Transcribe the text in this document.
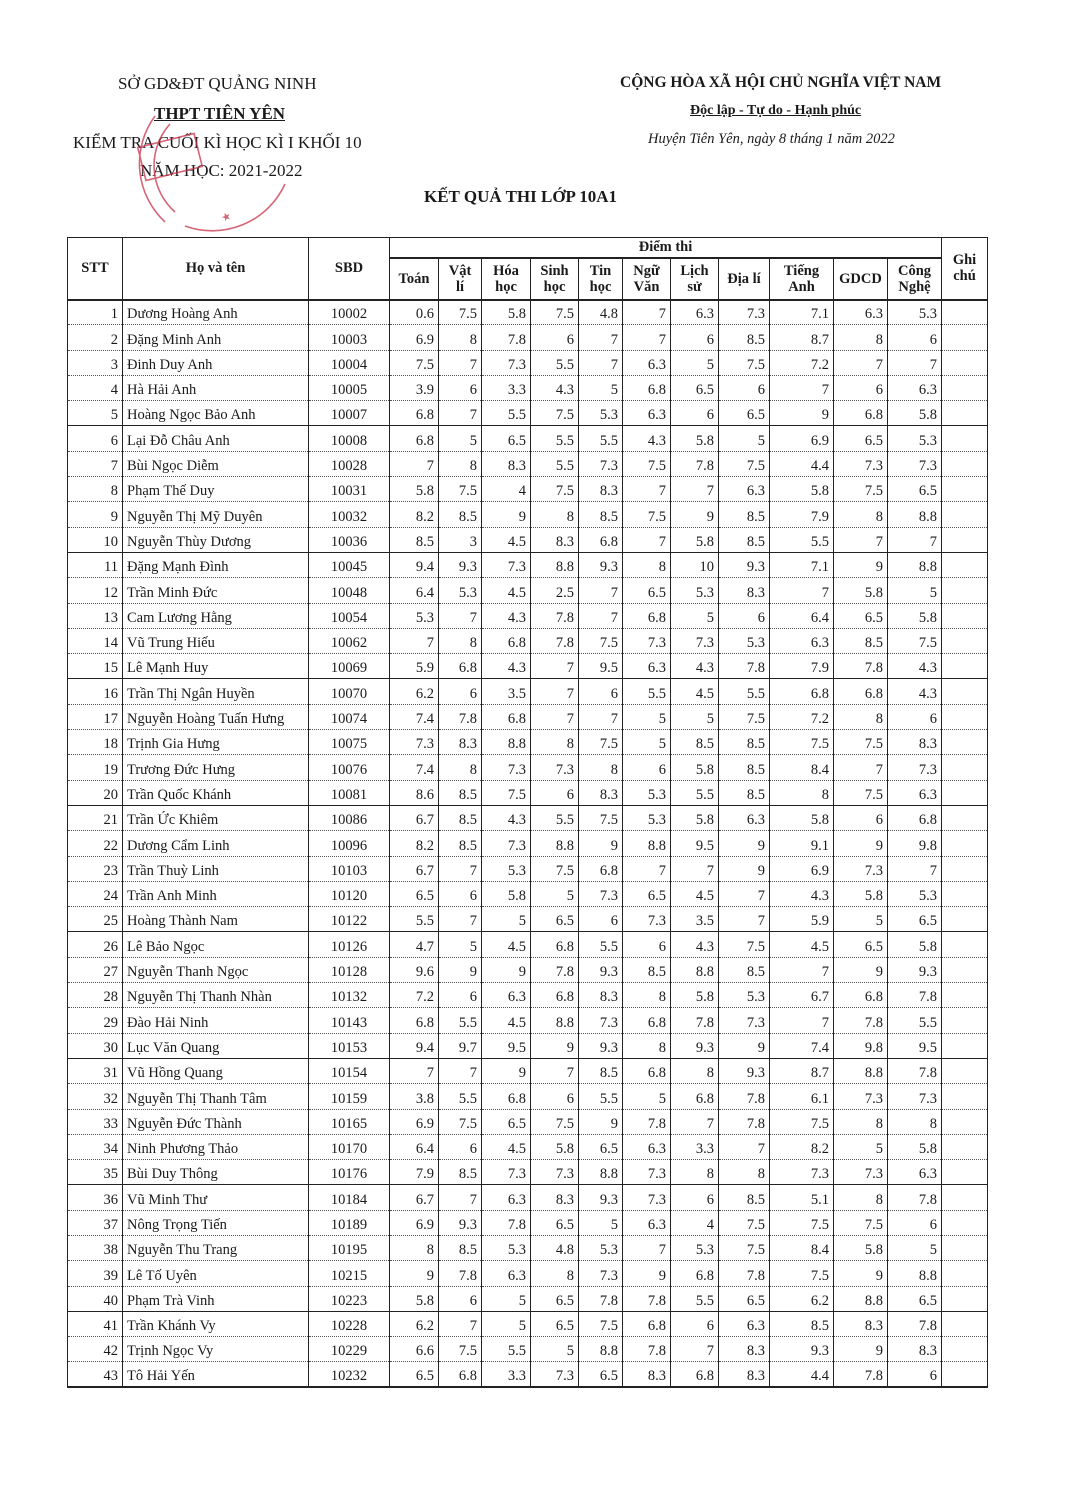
SỞ GD&ĐT QUẢNG NINH
THPT TIÊN YÊN
KIỂM TRA CUỐI KÌ HỌC KÌ I KHỐI 10
NĂM HỌC: 2021-2022
CỘNG HÒA XÃ HỘI CHỦ NGHĨA VIỆT NAM
Độc lập - Tự do - Hạnh phúc
Huyện Tiên Yên, ngày 8 tháng 1 năm 2022
KẾT QUẢ THI LỚP 10A1
★
STT	Họ và tên	SBD	Điểm thi											Ghi chú
			Toán	Vật lí	Hóa học	Sinh học	Tin học	Ngữ Văn	Lịch sử	Địa lí	Tiếng Anh	GDCD	Công Nghệ	
1	Dương Hoàng Anh	10002	0.6	7.5	5.8	7.5	4.8	7	6.3	7.3	7.1	6.3	5.3	
2	Đặng Minh Anh	10003	6.9	8	7.8	6	7	7	6	8.5	8.7	8	6	
3	Đinh Duy Anh	10004	7.5	7	7.3	5.5	7	6.3	5	7.5	7.2	7	7	
4	Hà Hải Anh	10005	3.9	6	3.3	4.3	5	6.8	6.5	6	7	6	6.3	
5	Hoàng Ngọc Bảo Anh	10007	6.8	7	5.5	7.5	5.3	6.3	6	6.5	9	6.8	5.8	
6	Lại Đỗ Châu Anh	10008	6.8	5	6.5	5.5	5.5	4.3	5.8	5	6.9	6.5	5.3	
7	Bùi Ngọc Diễm	10028	7	8	8.3	5.5	7.3	7.5	7.8	7.5	4.4	7.3	7.3	
8	Phạm Thế Duy	10031	5.8	7.5	4	7.5	8.3	7	7	6.3	5.8	7.5	6.5	
9	Nguyễn Thị Mỹ Duyên	10032	8.2	8.5	9	8	8.5	7.5	9	8.5	7.9	8	8.8	
10	Nguyễn Thùy Dương	10036	8.5	3	4.5	8.3	6.8	7	5.8	8.5	5.5	7	7	
11	Đặng Mạnh Đình	10045	9.4	9.3	7.3	8.8	9.3	8	10	9.3	7.1	9	8.8	
12	Trần Minh Đức	10048	6.4	5.3	4.5	2.5	7	6.5	5.3	8.3	7	5.8	5	
13	Cam Lương Hằng	10054	5.3	7	4.3	7.8	7	6.8	5	6	6.4	6.5	5.8	
14	Vũ Trung Hiếu	10062	7	8	6.8	7.8	7.5	7.3	7.3	5.3	6.3	8.5	7.5	
15	Lê Mạnh Huy	10069	5.9	6.8	4.3	7	9.5	6.3	4.3	7.8	7.9	7.8	4.3	
16	Trần Thị Ngân Huyền	10070	6.2	6	3.5	7	6	5.5	4.5	5.5	6.8	6.8	4.3	
17	Nguyễn Hoàng Tuấn Hưng	10074	7.4	7.8	6.8	7	7	5	5	7.5	7.2	8	6	
18	Trịnh Gia Hưng	10075	7.3	8.3	8.8	8	7.5	5	8.5	8.5	7.5	7.5	8.3	
19	Trương Đức Hưng	10076	7.4	8	7.3	7.3	8	6	5.8	8.5	8.4	7	7.3	
20	Trần Quốc Khánh	10081	8.6	8.5	7.5	6	8.3	5.3	5.5	8.5	8	7.5	6.3	
21	Trần Ức Khiêm	10086	6.7	8.5	4.3	5.5	7.5	5.3	5.8	6.3	5.8	6	6.8	
22	Dương Cẩm Linh	10096	8.2	8.5	7.3	8.8	9	8.8	9.5	9	9.1	9	9.8	
23	Trần Thuỳ Linh	10103	6.7	7	5.3	7.5	6.8	7	7	9	6.9	7.3	7	
24	Trần Anh Minh	10120	6.5	6	5.8	5	7.3	6.5	4.5	7	4.3	5.8	5.3	
25	Hoàng Thành Nam	10122	5.5	7	5	6.5	6	7.3	3.5	7	5.9	5	6.5	
26	Lê Bảo Ngọc	10126	4.7	5	4.5	6.8	5.5	6	4.3	7.5	4.5	6.5	5.8	
27	Nguyễn Thanh Ngọc	10128	9.6	9	9	7.8	9.3	8.5	8.8	8.5	7	9	9.3	
28	Nguyễn Thị Thanh Nhàn	10132	7.2	6	6.3	6.8	8.3	8	5.8	5.3	6.7	6.8	7.8	
29	Đào Hải Ninh	10143	6.8	5.5	4.5	8.8	7.3	6.8	7.8	7.3	7	7.8	5.5	
30	Lục Văn Quang	10153	9.4	9.7	9.5	9	9.3	8	9.3	9	7.4	9.8	9.5	
31	Vũ Hồng Quang	10154	7	7	9	7	8.5	6.8	8	9.3	8.7	8.8	7.8	
32	Nguyễn Thị Thanh Tâm	10159	3.8	5.5	6.8	6	5.5	5	6.8	7.8	6.1	7.3	7.3	
33	Nguyễn Đức Thành	10165	6.9	7.5	6.5	7.5	9	7.8	7	7.8	7.5	8	8	
34	Ninh Phương Thảo	10170	6.4	6	4.5	5.8	6.5	6.3	3.3	7	8.2	5	5.8	
35	Bùi Duy Thông	10176	7.9	8.5	7.3	7.3	8.8	7.3	8	8	7.3	7.3	6.3	
36	Vũ Minh Thư	10184	6.7	7	6.3	8.3	9.3	7.3	6	8.5	5.1	8	7.8	
37	Nông Trọng Tiến	10189	6.9	9.3	7.8	6.5	5	6.3	4	7.5	7.5	7.5	6	
38	Nguyễn Thu Trang	10195	8	8.5	5.3	4.8	5.3	7	5.3	7.5	8.4	5.8	5	
39	Lê Tố Uyên	10215	9	7.8	6.3	8	7.3	9	6.8	7.8	7.5	9	8.8	
40	Phạm Trà Vinh	10223	5.8	6	5	6.5	7.8	7.8	5.5	6.5	6.2	8.8	6.5	
41	Trần Khánh Vy	10228	6.2	7	5	6.5	7.5	6.8	6	6.3	8.5	8.3	7.8	
42	Trịnh Ngọc Vy	10229	6.6	7.5	5.5	5	8.8	7.8	7	8.3	9.3	9	8.3	
43	Tô Hải Yến	10232	6.5	6.8	3.3	7.3	6.5	8.3	6.8	8.3	4.4	7.8	6	
